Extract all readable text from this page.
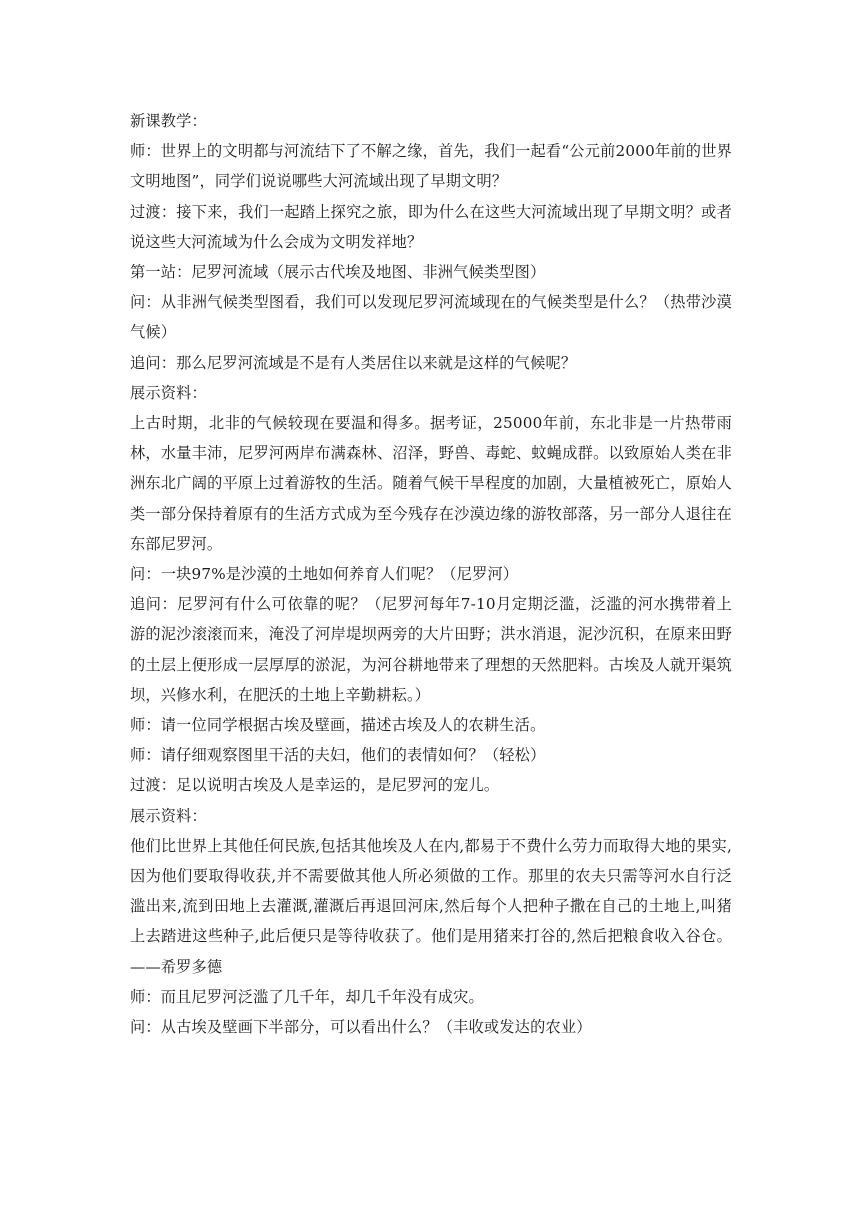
新课教学：

师：世界上的文明都与河流结下了不解之缘，首先，我们一起看“公元前2000年前的世界文明地图”，同学们说说哪些大河流域出现了早期文明？

过渡：接下来，我们一起踏上探究之旅，即为什么在这些大河流域出现了早期文明？或者说这些大河流域为什么会成为文明发祥地？

第一站：尼罗河流域（展示古代埃及地图、非洲气候类型图）

问：从非洲气候类型图看，我们可以发现尼罗河流域现在的气候类型是什么？（热带沙漠气候）

追问：那么尼罗河流域是不是有人类居住以来就是这样的气候呢？

展示资料：

上古时期，北非的气候较现在要温和得多。据考证，25000年前，东北非是一片热带雨林，水量丰沛，尼罗河两岸布满森林、沼泽，野兽、毒蛇、蚊蝇成群。以致原始人类在非洲东北广阔的平原上过着游牧的生活。随着气候干旱程度的加剧，大量植被死亡，原始人类一部分保持着原有的生活方式成为至今残存在沙漠边缘的游牧部落，另一部分人退往在东部尼罗河。

问：一块97%是沙漠的土地如何养育人们呢？（尼罗河）

追问：尼罗河有什么可依靠的呢？（尼罗河每年7-10月定期泛滥，泛滥的河水携带着上游的泥沙滚滚而来，淹没了河岸堤坝两旁的大片田野；洪水消退，泥沙沉积，在原来田野的土层上便形成一层厚厚的淤泥，为河谷耕地带来了理想的天然肥料。古埃及人就开渠筑坝，兴修水利，在肥沃的土地上辛勤耕耘。）

师：请一位同学根据古埃及壁画，描述古埃及人的农耕生活。

师：请仔细观察图里干活的夫妇，他们的表情如何？（轻松）

过渡：足以说明古埃及人是幸运的，是尼罗河的宠儿。

展示资料：

他们比世界上其他任何民族,包括其他埃及人在内,都易于不费什么劳力而取得大地的果实,因为他们要取得收获,并不需要做其他人所必须做的工作。那里的农夫只需等河水自行泛滥出来,流到田地上去灌溉,灌溉后再退回河床,然后每个人把种子撒在自己的土地上,叫猪上去踏进这些种子,此后便只是等待收获了。他们是用猪来打谷的,然后把粮食收入谷仓。——希罗多德

师：而且尼罗河泛滥了几千年，却几千年没有成灾。

问：从古埃及壁画下半部分，可以看出什么？（丰收或发达的农业）
